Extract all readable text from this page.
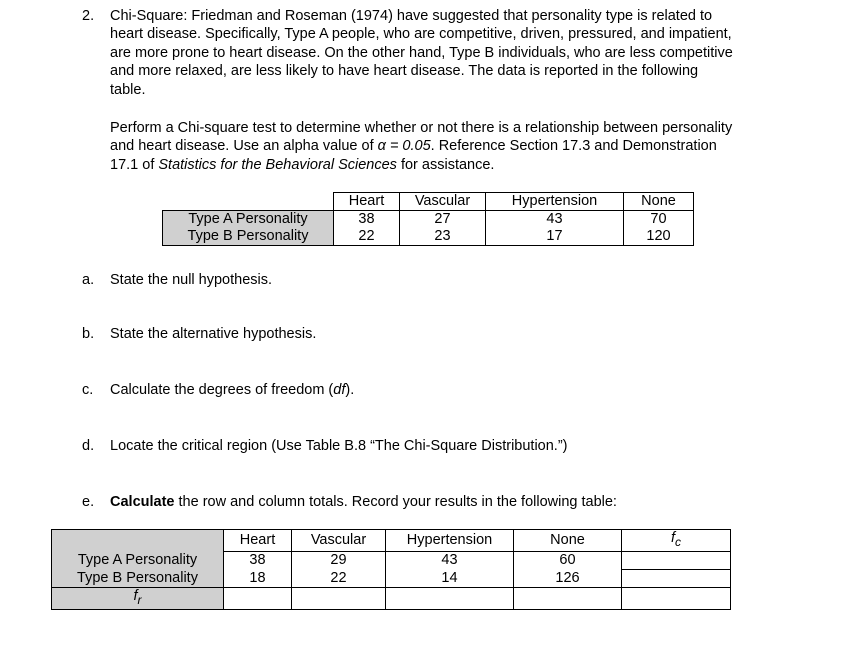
2. Chi-Square: Friedman and Roseman (1974) have suggested that personality type is related to
heart disease. Specifically, Type A people, who are competitive, driven, pressured, and impatient,
are more prone to heart disease. On the other hand, Type B individuals, who are less competitive
and more relaxed, are less likely to have heart disease. The data is reported in the following
table.
Perform a Chi-square test to determine whether or not there is a relationship between personality
and heart disease. Use an alpha value of α = 0.05. Reference Section 17.3 and Demonstration
17.1 of Statistics for the Behavioral Sciences for assistance.
	Heart	Vascular	Hypertension	None
Type A Personality	38	27	43	70
Type B Personality	22	23	17	120
a. State the null hypothesis.
b. State the alternative hypothesis.
c. Calculate the degrees of freedom (df).
d. Locate the critical region (Use Table B.8 “The Chi-Square Distribution.”)
e. Calculate the row and column totals. Record your results in the following table:
	Heart	Vascular	Hypertension	None	$f_c$
Type A Personality	38	29	43	60	
Type B Personality	18	22	14	126	
$f_r$					
